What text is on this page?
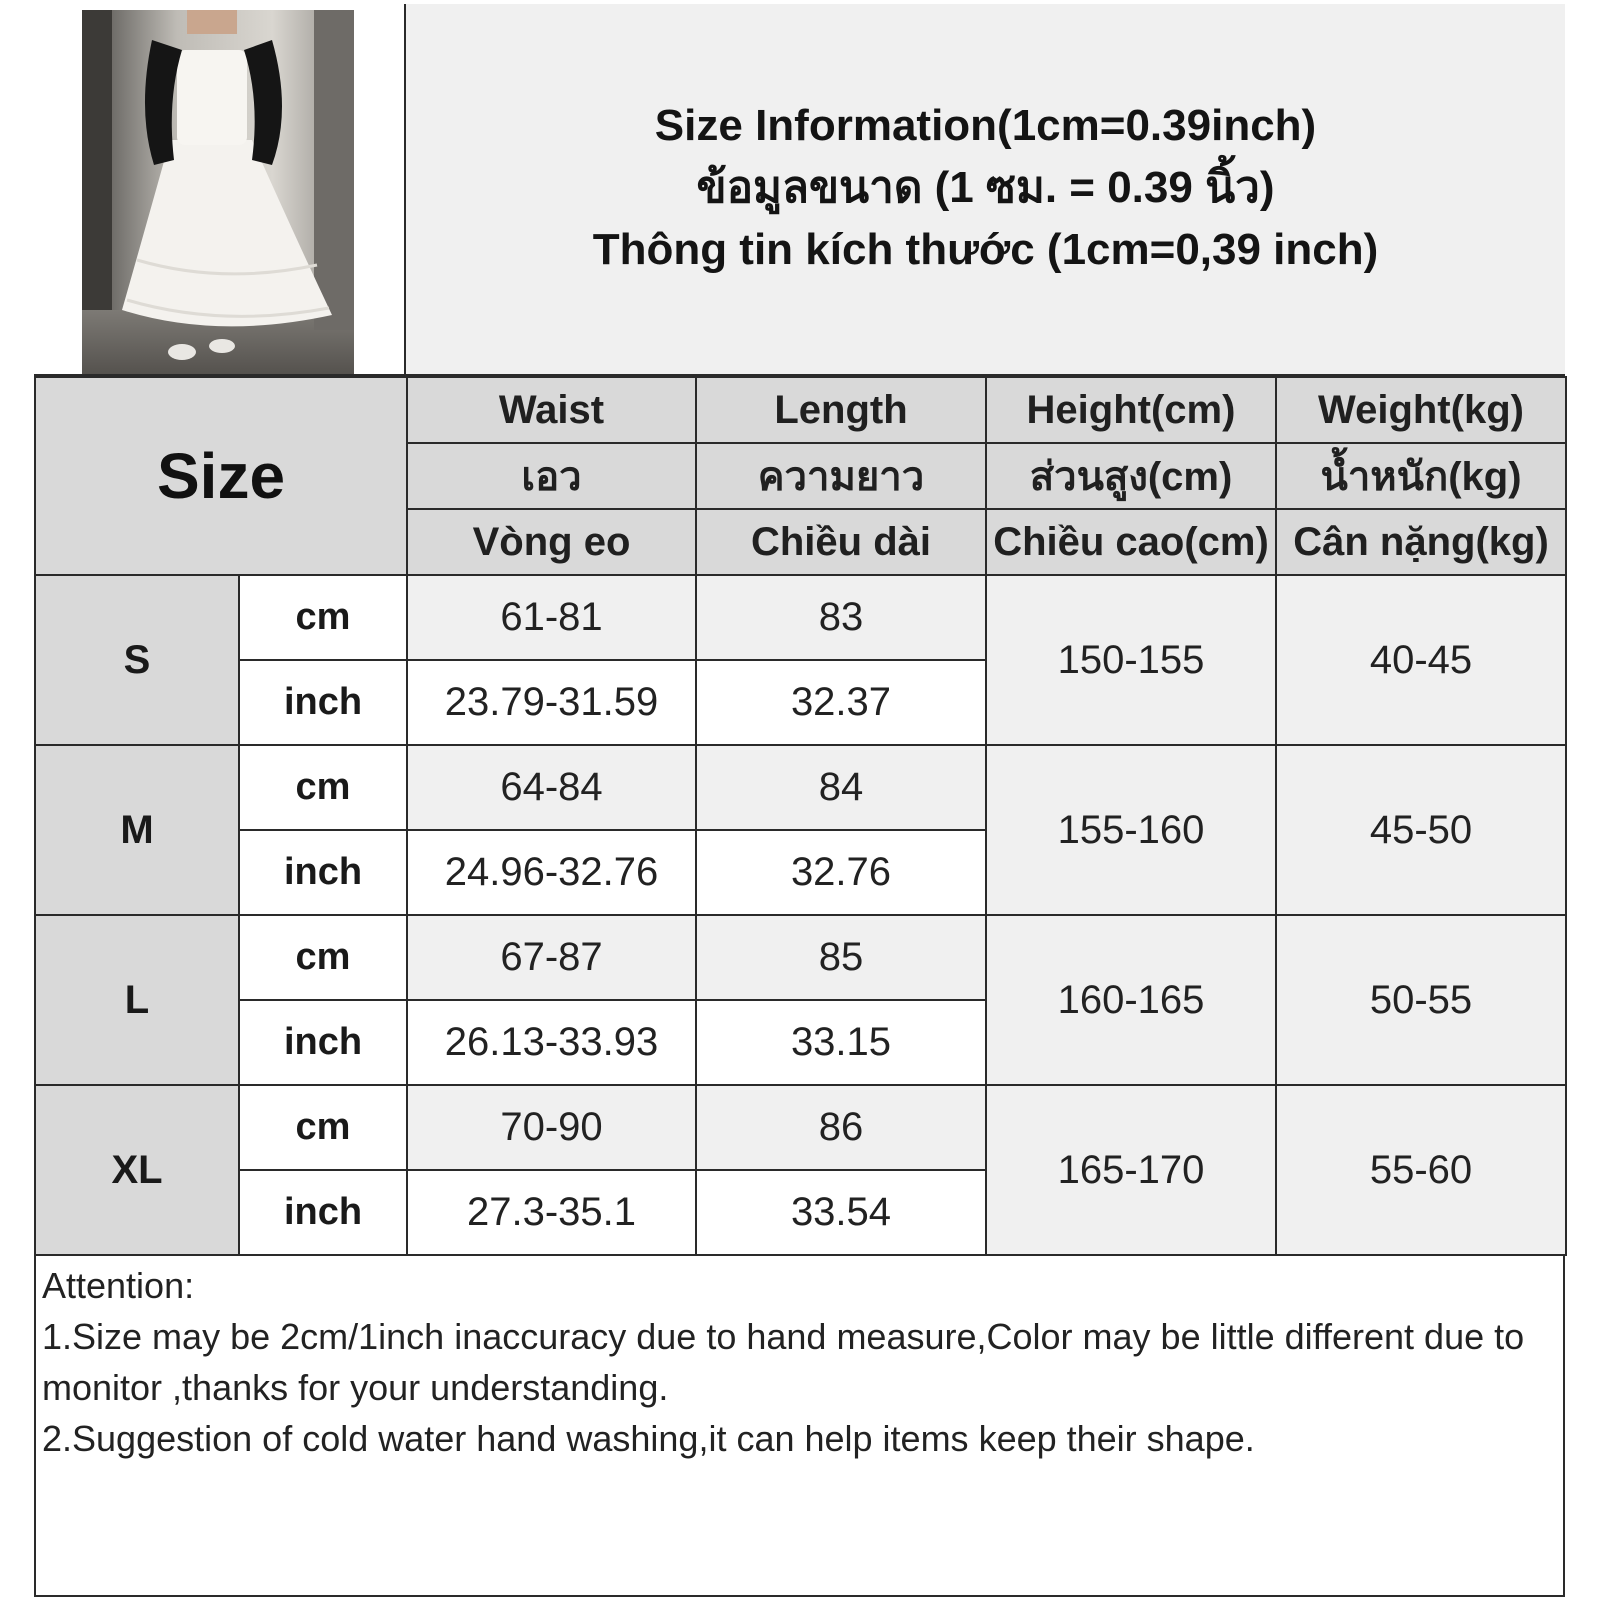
Size Information(1cm=0.39inch)
ข้อมูลขนาด (1 ซม. = 0.39 นิ้ว)
Thông tin kích thước (1cm=0,39 inch)
Size		Waist	Length	Height(cm)	Weight(kg)
		เอว	ความยาว	ส่วนสูง(cm)	น้ำหนัก(kg)
		Vòng eo	Chiều dài	Chiều cao(cm)	Cân nặng(kg)
S	cm	61-81	83	150-155	40-45
	inch	23.79-31.59	32.37		
M	cm	64-84	84	155-160	45-50
	inch	24.96-32.76	32.76		
L	cm	67-87	85	160-165	50-55
	inch	26.13-33.93	33.15		
XL	cm	70-90	86	165-170	55-60
	inch	27.3-35.1	33.54		

Attention:

1.Size may be 2cm/1inch inaccuracy due to hand measure,Color may be little different due to monitor ,thanks for your understanding.

2.Suggestion of cold water hand washing,it can help items keep their shape.
